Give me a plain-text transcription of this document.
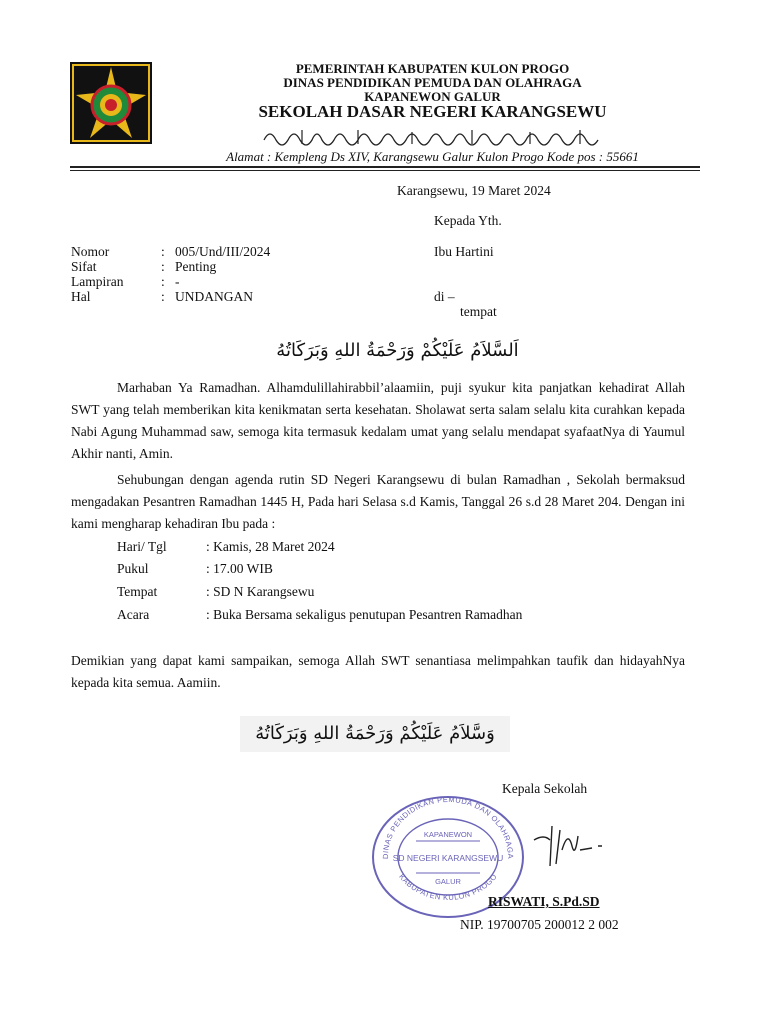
PEMERINTAH KABUPATEN KULON PROGO
DINAS PENDIDIKAN PEMUDA DAN OLAHRAGA
KAPANEWON GALUR
SEKOLAH DASAR NEGERI KARANGSEWU
Alamat : Kempleng Ds XIV, Karangsewu Galur Kulon Progo Kode pos : 55661
Karangsewu, 19 Maret 2024
Kepada Yth.
Ibu Hartini
di –
tempat
Nomor	: 005/Und/III/2024
Sifat	: Penting
Lampiran	: -
Hal	: UNDANGAN
اَلسَّلاَمُ عَلَيْكُمْ وَرَحْمَةُ اللهِ وَبَرَكَاتُهُ
Marhaban Ya Ramadhan. Alhamdulillahirabbil’alaamiin, puji syukur kita panjatkan kehadirat Allah SWT yang telah memberikan kita kenikmatan serta kesehatan. Sholawat serta salam selalu kita curahkan kepada Nabi Agung Muhammad saw, semoga kita termasuk kedalam umat yang selalu mendapat syafaatNya di Yaumul Akhir nanti, Amin.
Sehubungan dengan agenda rutin SD Negeri Karangsewu di bulan Ramadhan , Sekolah bermaksud mengadakan Pesantren Ramadhan 1445 H, Pada hari Selasa s.d Kamis, Tanggal 26 s.d 28 Maret 204. Dengan ini kami mengharap kehadiran Ibu pada :
Hari/ Tgl	: Kamis, 28 Maret 2024
Pukul	: 17.00 WIB
Tempat	: SD N Karangsewu
Acara	: Buka Bersama sekaligus penutupan Pesantren Ramadhan
Demikian yang dapat kami sampaikan, semoga Allah SWT senantiasa melimpahkan taufik dan hidayahNya kepada kita semua. Aamiin.
وَسَّلاَمُ عَلَيْكُمْ وَرَحْمَةُ اللهِ وَبَرَكَاتُهُ
Kepala Sekolah
DINAS PENDIDIKAN PEMUDA DAN OLAHRAGA
KABUPATEN KULON PROGO
KAPANEWON
SD NEGERI KARANGSEWU
GALUR
RISWATI, S.Pd.SD
NIP. 19700705 200012 2 002
